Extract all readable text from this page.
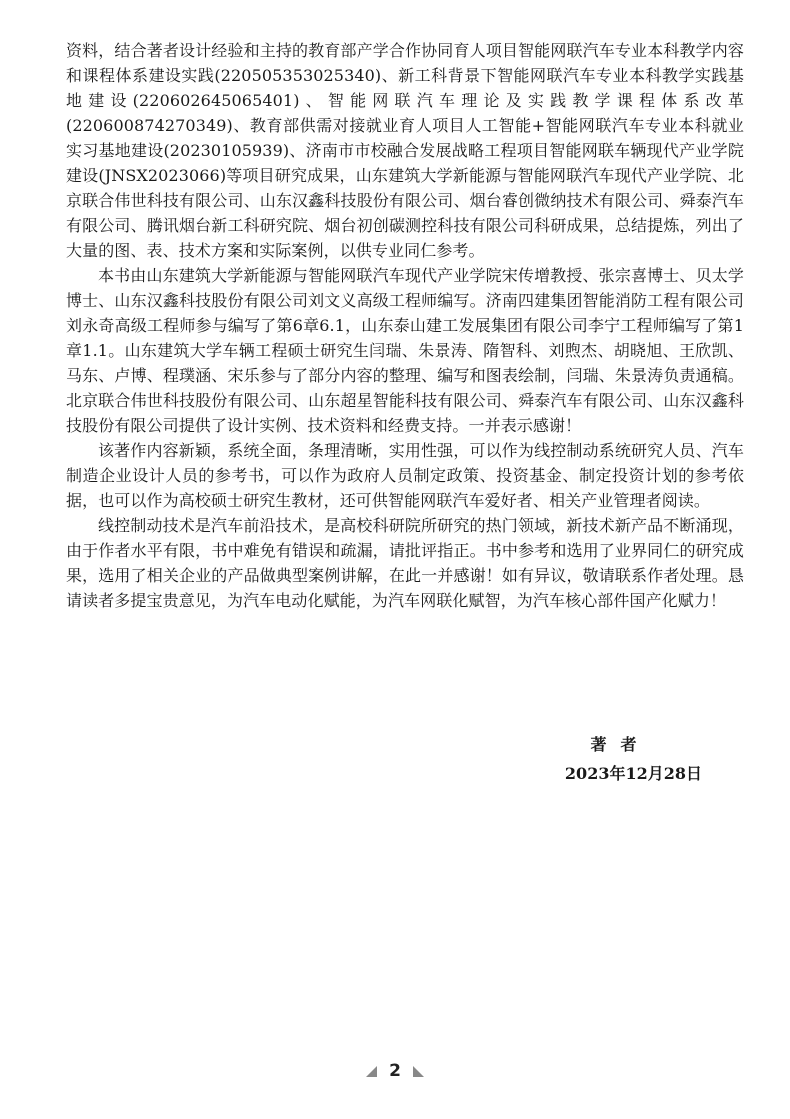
资料，结合著者设计经验和主持的教育部产学合作协同育人项目智能网联汽车专业本科教学内容和课程体系建设实践(220505353025340)、新工科背景下智能网联汽车专业本科教学实践基地建设(220602645065401)、智能网联汽车理论及实践教学课程体系改革(220600874270349)、教育部供需对接就业育人项目人工智能+智能网联汽车专业本科就业实习基地建设(20230105939)、济南市市校融合发展战略工程项目智能网联车辆现代产业学院建设(JNSX2023066)等项目研究成果，山东建筑大学新能源与智能网联汽车现代产业学院、北京联合伟世科技有限公司、山东汉鑫科技股份有限公司、烟台睿创微纳技术有限公司、舜泰汽车有限公司、腾讯烟台新工科研究院、烟台初创碳测控科技有限公司科研成果，总结提炼，列出了大量的图、表、技术方案和实际案例，以供专业同仁参考。

本书由山东建筑大学新能源与智能网联汽车现代产业学院宋传增教授、张宗喜博士、贝太学博士、山东汉鑫科技股份有限公司刘文义高级工程师编写。济南四建集团智能消防工程有限公司刘永奇高级工程师参与编写了第6章6.1，山东泰山建工发展集团有限公司李宁工程师编写了第1章1.1。山东建筑大学车辆工程硕士研究生闫瑞、朱景涛、隋智科、刘煦杰、胡晓旭、王欣凯、马东、卢博、程璞涵、宋乐参与了部分内容的整理、编写和图表绘制，闫瑞、朱景涛负责通稿。北京联合伟世科技股份有限公司、山东超星智能科技有限公司、舜泰汽车有限公司、山东汉鑫科技股份有限公司提供了设计实例、技术资料和经费支持。一并表示感谢！

该著作内容新颖，系统全面，条理清晰，实用性强，可以作为线控制动系统研究人员、汽车制造企业设计人员的参考书，可以作为政府人员制定政策、投资基金、制定投资计划的参考依据，也可以作为高校硕士研究生教材，还可供智能网联汽车爱好者、相关产业管理者阅读。

线控制动技术是汽车前沿技术，是高校科研院所研究的热门领域，新技术新产品不断涌现，由于作者水平有限，书中难免有错误和疏漏，请批评指正。书中参考和选用了业界同仁的研究成果，选用了相关企业的产品做典型案例讲解，在此一并感谢！如有异议，敬请联系作者处理。恳请读者多提宝贵意见，为汽车电动化赋能，为汽车网联化赋智，为汽车核心部件国产化赋力！

著者
2023年12月28日
2
